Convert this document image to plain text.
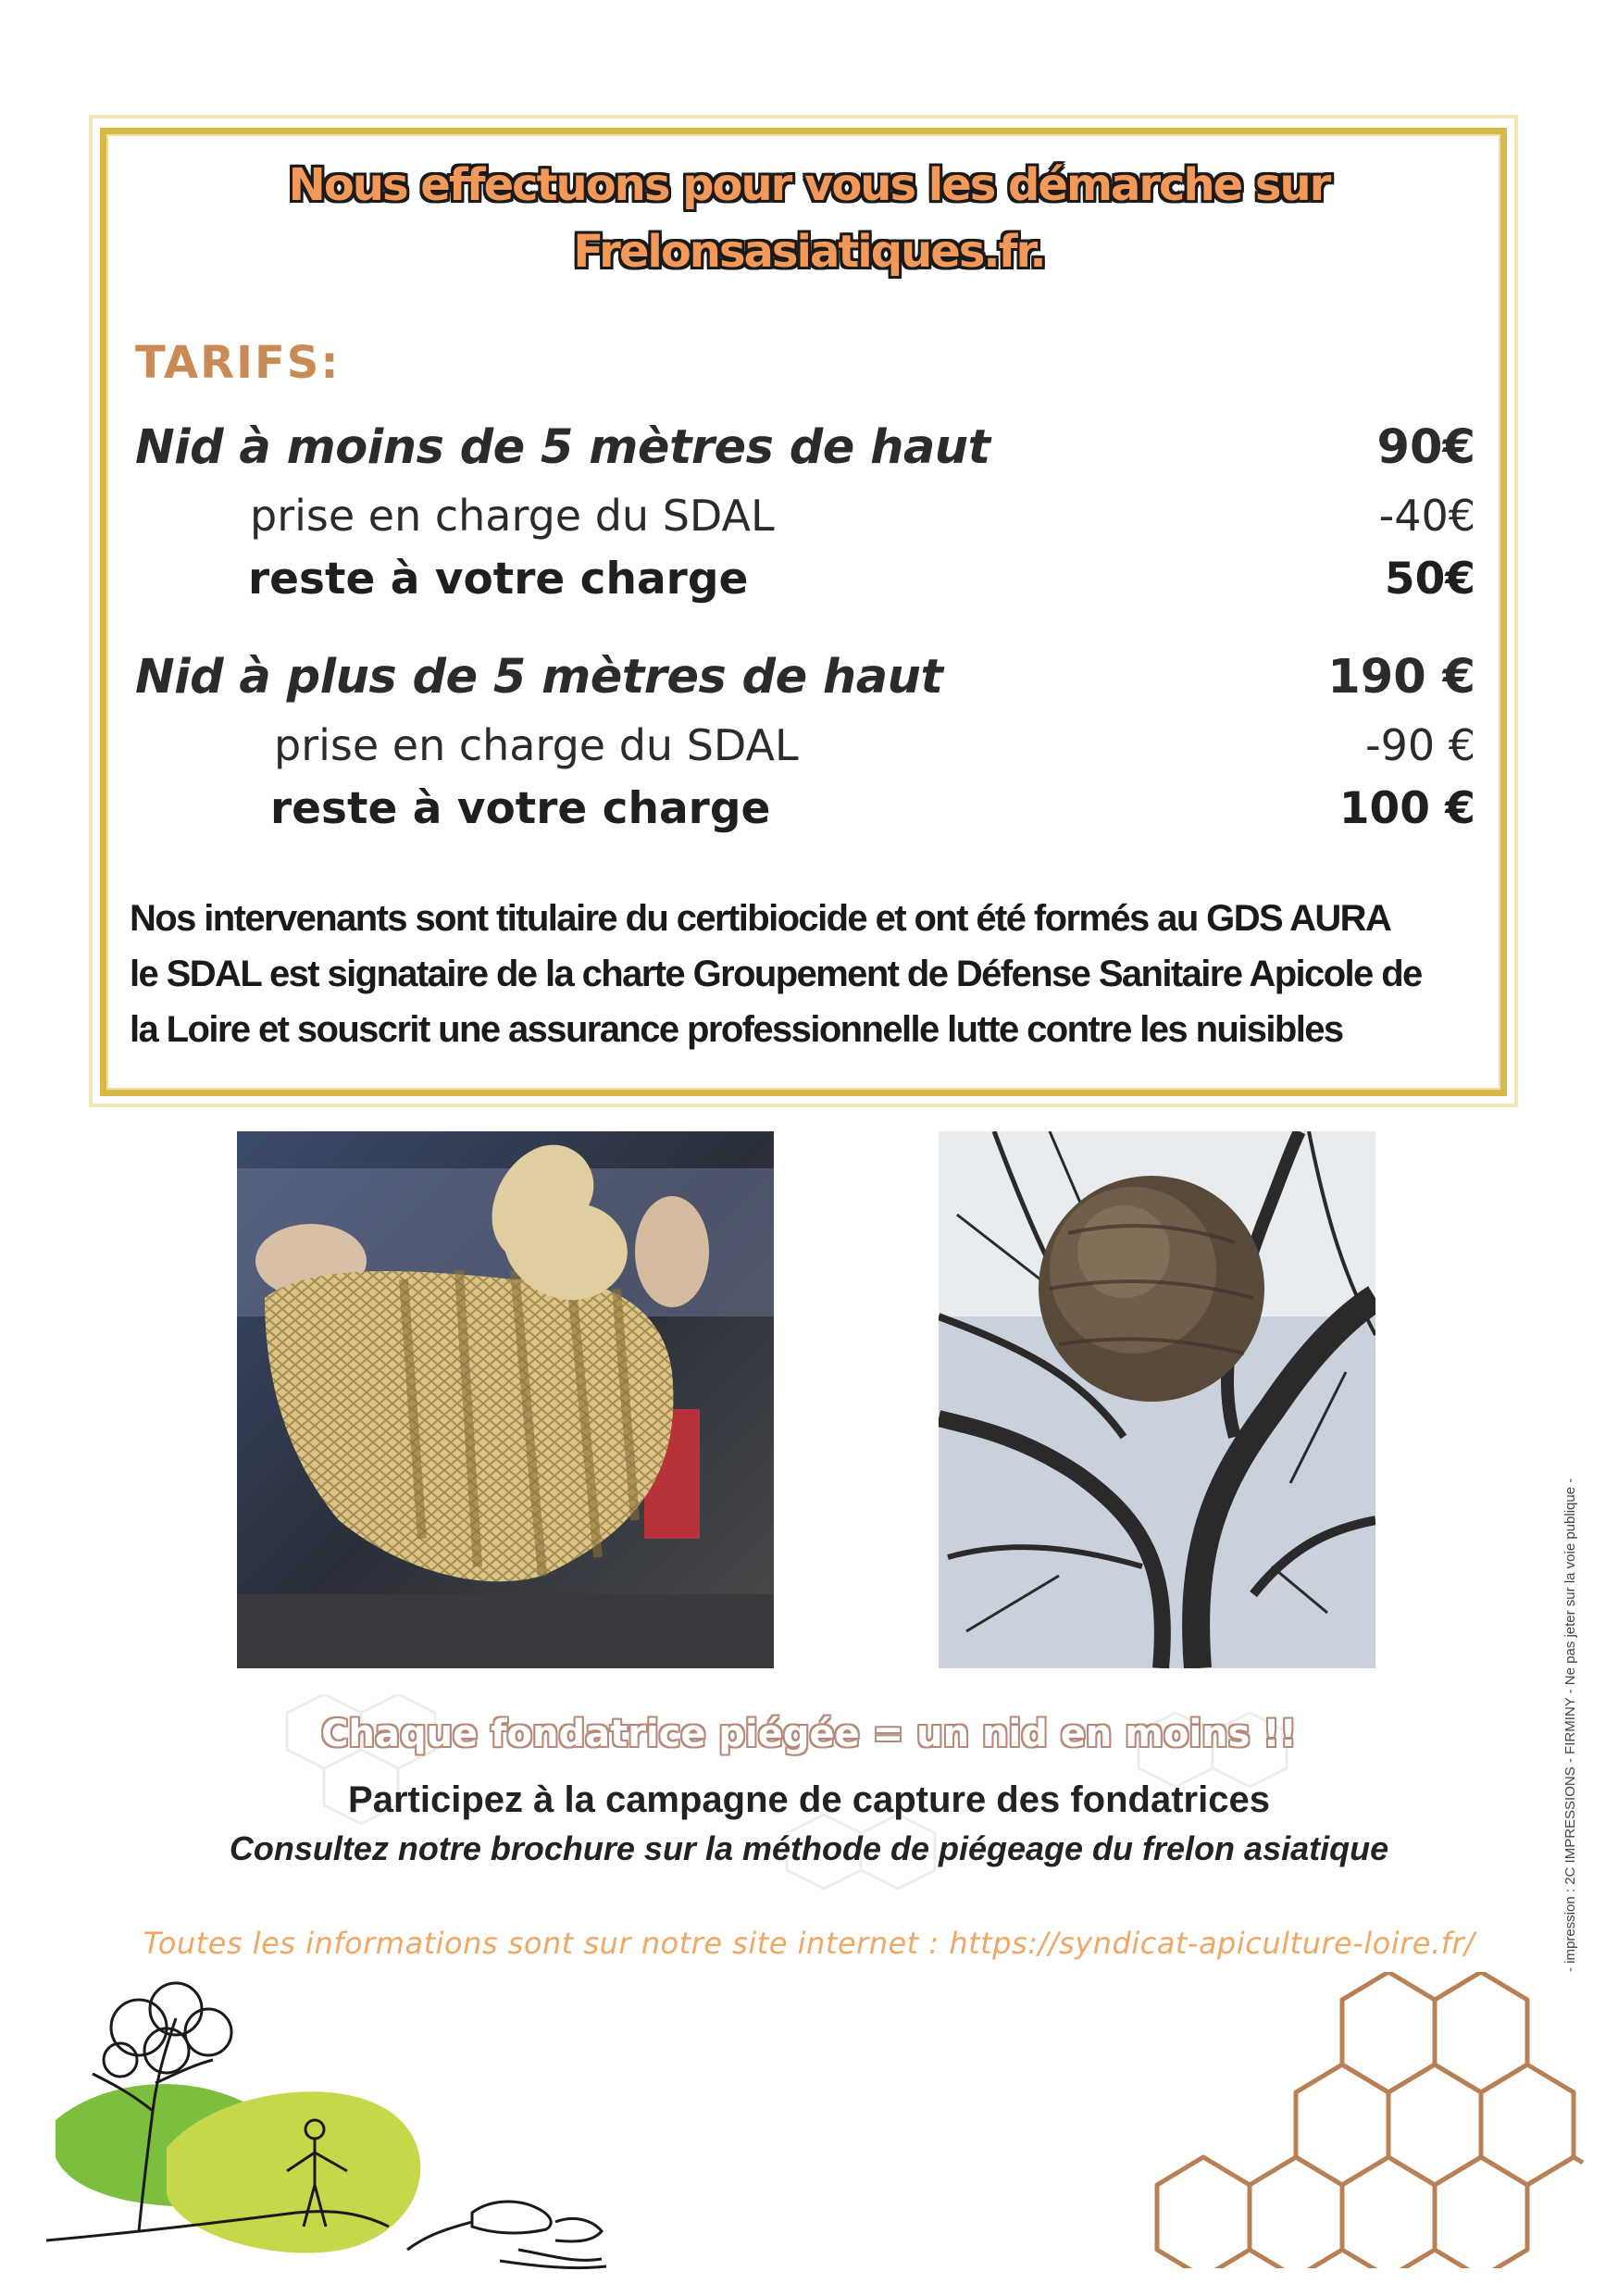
Nous effectuons pour vous les démarche sur
Frelonsasiatiques.fr.
TARIFS:
Nid à moins de 5 mètres de haut	90€
prise en charge du SDAL	-40€
reste à votre charge	50€
Nid à plus de 5 mètres de haut	190 €
prise en charge du SDAL	-90 €
reste à votre charge	100 €
Nos intervenants sont titulaire du certibiocide et ont été formés au GDS AURA
le SDAL est signataire de la charte Groupement de Défense Sanitaire Apicole de
la Loire et souscrit une assurance professionnelle lutte contre les nuisibles
Chaque fondatrice piégée = un nid en moins !!
Participez à la campagne de capture des fondatrices
Consultez notre brochure sur la méthode de piégeage du frelon asiatique
Toutes les informations sont sur notre site internet : https://syndicat-apiculture-loire.fr/	- impression : 2C IMPRESSIONS - FIRMINY - Ne pas jeter sur la voie publique -
